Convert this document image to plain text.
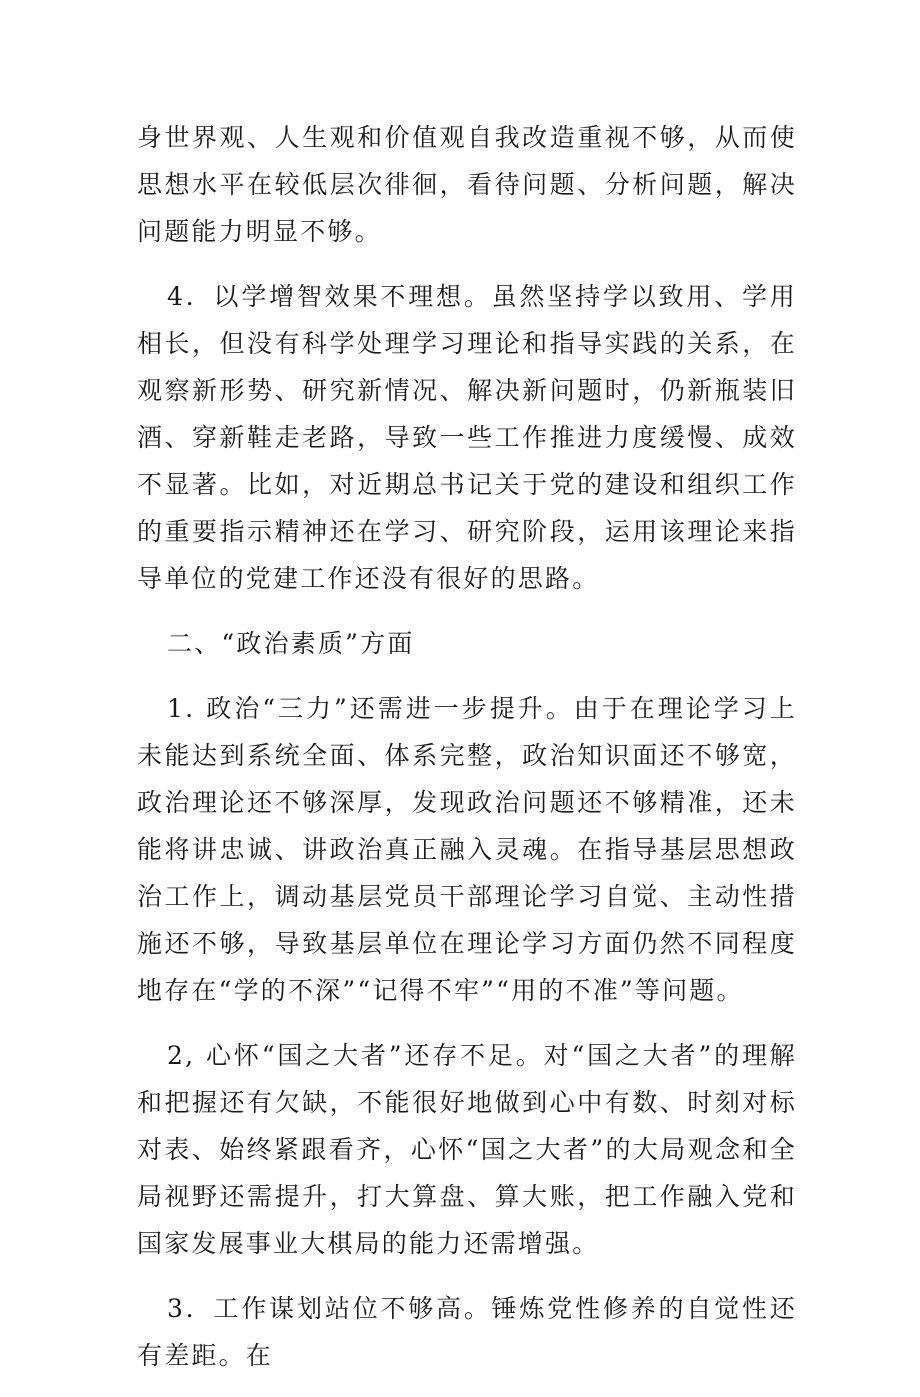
身世界观、人生观和价值观自我改造重视不够，从而使思想水平在较低层次徘徊，看待问题、分析问题，解决问题能力明显不够。

4．以学增智效果不理想。虽然坚持学以致用、学用相长，但没有科学处理学习理论和指导实践的关系，在观察新形势、研究新情况、解决新问题时，仍新瓶装旧酒、穿新鞋走老路，导致一些工作推进力度缓慢、成效不显著。比如，对近期总书记关于党的建设和组织工作的重要指示精神还在学习、研究阶段，运用该理论来指导单位的党建工作还没有很好的思路。

二、“政治素质”方面

1. 政治“三力”还需进一步提升。由于在理论学习上未能达到系统全面、体系完整，政治知识面还不够宽，政治理论还不够深厚，发现政治问题还不够精准，还未能将讲忠诚、讲政治真正融入灵魂。在指导基层思想政治工作上，调动基层党员干部理论学习自觉、主动性措施还不够，导致基层单位在理论学习方面仍然不同程度地存在“学的不深”“记得不牢”“用的不准”等问题。

2, 心怀“国之大者”还存不足。对“国之大者”的理解和把握还有欠缺，不能很好地做到心中有数、时刻对标对表、始终紧跟看齐，心怀“国之大者”的大局观念和全局视野还需提升，打大算盘、算大账，把工作融入党和国家发展事业大棋局的能力还需增强。

3．工作谋划站位不够高。锤炼党性修养的自觉性还有差距。在
